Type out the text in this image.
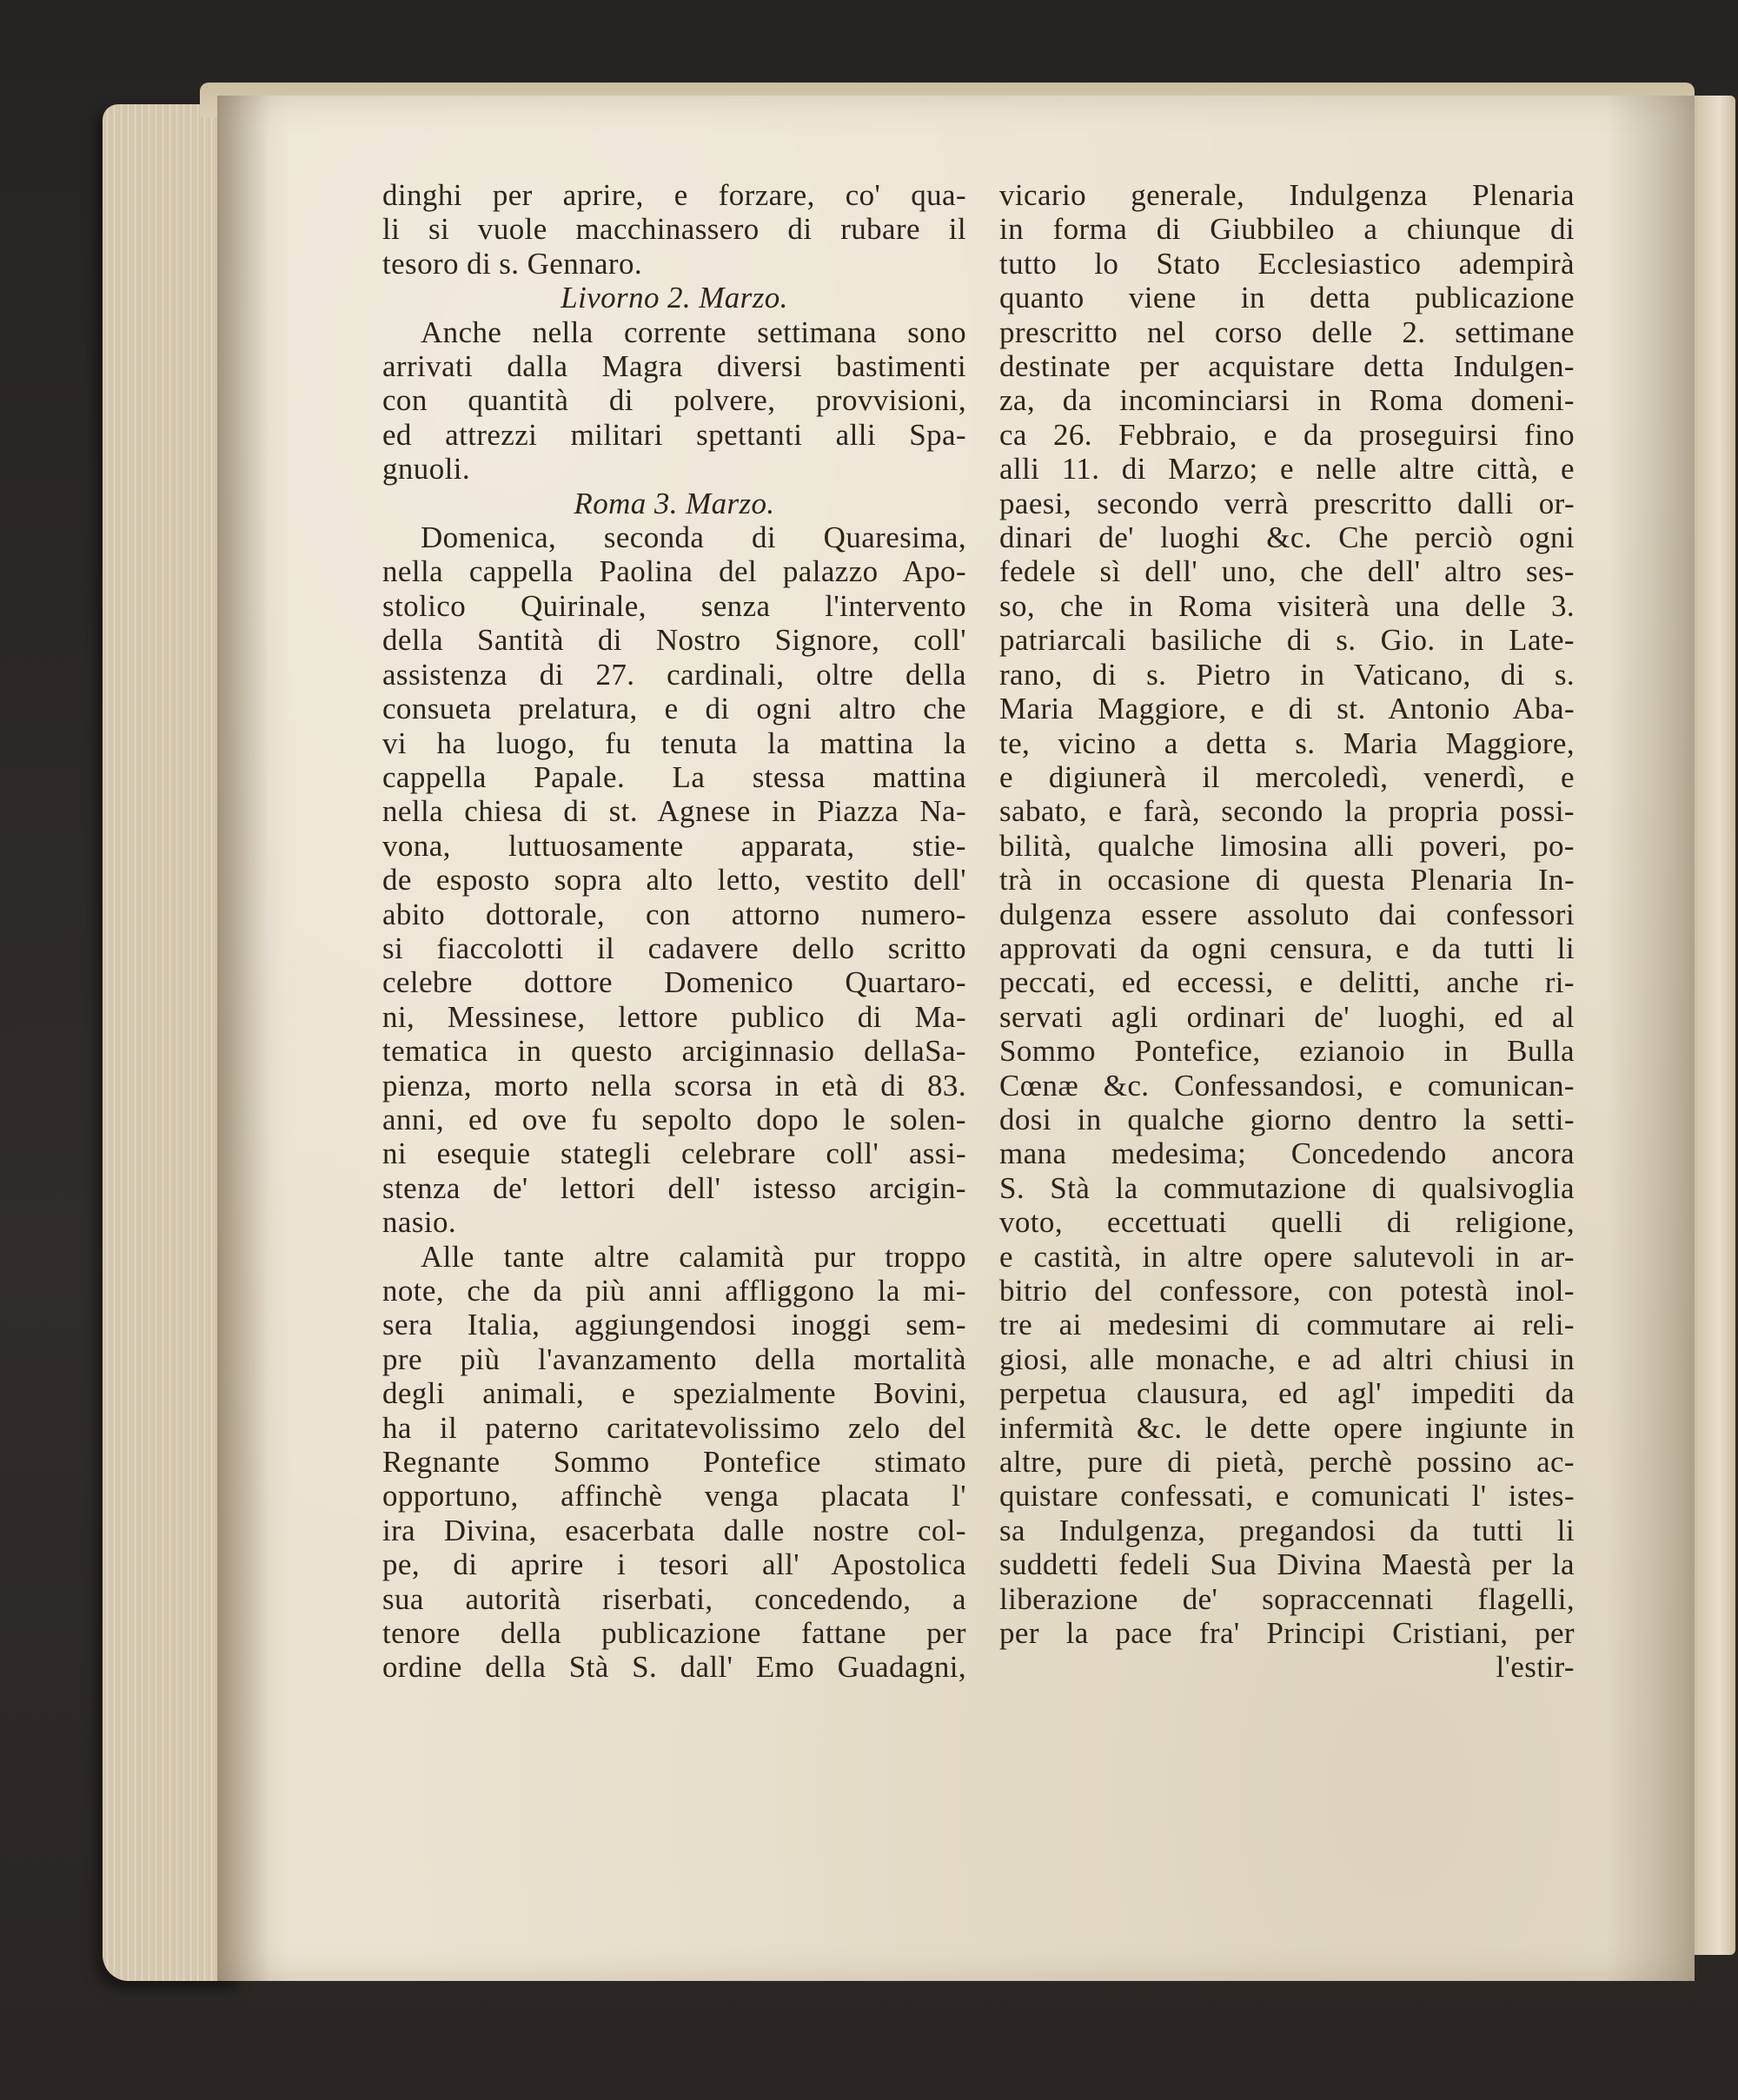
dinghi per aprire, e forzare, co' qua-
li si vuole macchinassero di rubare il
tesoro di s. Gennaro.
Livorno 2. Marzo.
Anche nella corrente settimana sono
arrivati dalla Magra diversi bastimenti
con quantità di polvere, provvisioni,
ed attrezzi militari spettanti alli Spa-
gnuoli.
Roma 3. Marzo.
Domenica, seconda di Quaresima,
nella cappella Paolina del palazzo Apo-
stolico Quirinale, senza l'intervento
della Santità di Nostro Signore, coll'
assistenza di 27. cardinali, oltre della
consueta prelatura, e di ogni altro che
vi ha luogo, fu tenuta la mattina la
cappella Papale. La stessa mattina
nella chiesa di st. Agnese in Piazza Na-
vona, luttuosamente apparata, stie-
de esposto sopra alto letto, vestito dell'
abito dottorale, con attorno numero-
si fiaccolotti il cadavere dello scritto
celebre dottore Domenico Quartaro-
ni, Messinese, lettore publico di Ma-
tematica in questo arciginnasio dellaSa-
pienza, morto nella scorsa in età di 83.
anni, ed ove fu sepolto dopo le solen-
ni esequie stategli celebrare coll' assi-
stenza de' lettori dell' istesso arcigin-
nasio.
Alle tante altre calamità pur troppo
note, che da più anni affliggono la mi-
sera Italia, aggiungendosi inoggi sem-
pre più l'avanzamento della mortalità
degli animali, e spezialmente Bovini,
ha il paterno caritatevolissimo zelo del
Regnante Sommo Pontefice stimato
opportuno, affinchè venga placata l'
ira Divina, esacerbata dalle nostre col-
pe, di aprire i tesori all' Apostolica
sua autorità riserbati, concedendo, a
tenore della publicazione fattane per
ordine della Stà S. dall' Emo Guadagni,
vicario generale, Indulgenza Plenaria
in forma di Giubbileo a chiunque di
tutto lo Stato Ecclesiastico adempirà
quanto viene in detta publicazione
prescritto nel corso delle 2. settimane
destinate per acquistare detta Indulgen-
za, da incominciarsi in Roma domeni-
ca 26. Febbraio, e da proseguirsi fino
alli 11. di Marzo; e nelle altre città, e
paesi, secondo verrà prescritto dalli or-
dinari de' luoghi &c. Che perciò ogni
fedele sì dell' uno, che dell' altro ses-
so, che in Roma visiterà una delle 3.
patriarcali basiliche di s. Gio. in Late-
rano, di s. Pietro in Vaticano, di s.
Maria Maggiore, e di st. Antonio Aba-
te, vicino a detta s. Maria Maggiore,
e digiunerà il mercoledì, venerdì, e
sabato, e farà, secondo la propria possi-
bilità, qualche limosina alli poveri, po-
trà in occasione di questa Plenaria In-
dulgenza essere assoluto dai confessori
approvati da ogni censura, e da tutti li
peccati, ed eccessi, e delitti, anche ri-
servati agli ordinari de' luoghi, ed al
Sommo Pontefice, ezianoio in Bulla
Cœnæ &c. Confessandosi, e comunican-
dosi in qualche giorno dentro la setti-
mana medesima; Concedendo ancora
S. Stà la commutazione di qualsivoglia
voto, eccettuati quelli di religione,
e castità, in altre opere salutevoli in ar-
bitrio del confessore, con potestà inol-
tre ai medesimi di commutare ai reli-
giosi, alle monache, e ad altri chiusi in
perpetua clausura, ed agl' impediti da
infermità &c. le dette opere ingiunte in
altre, pure di pietà, perchè possino ac-
quistare confessati, e comunicati l' istes-
sa Indulgenza, pregandosi da tutti li
suddetti fedeli Sua Divina Maestà per la
liberazione de' sopraccennati flagelli,
per la pace fra' Principi Cristiani, per
l'estir-
